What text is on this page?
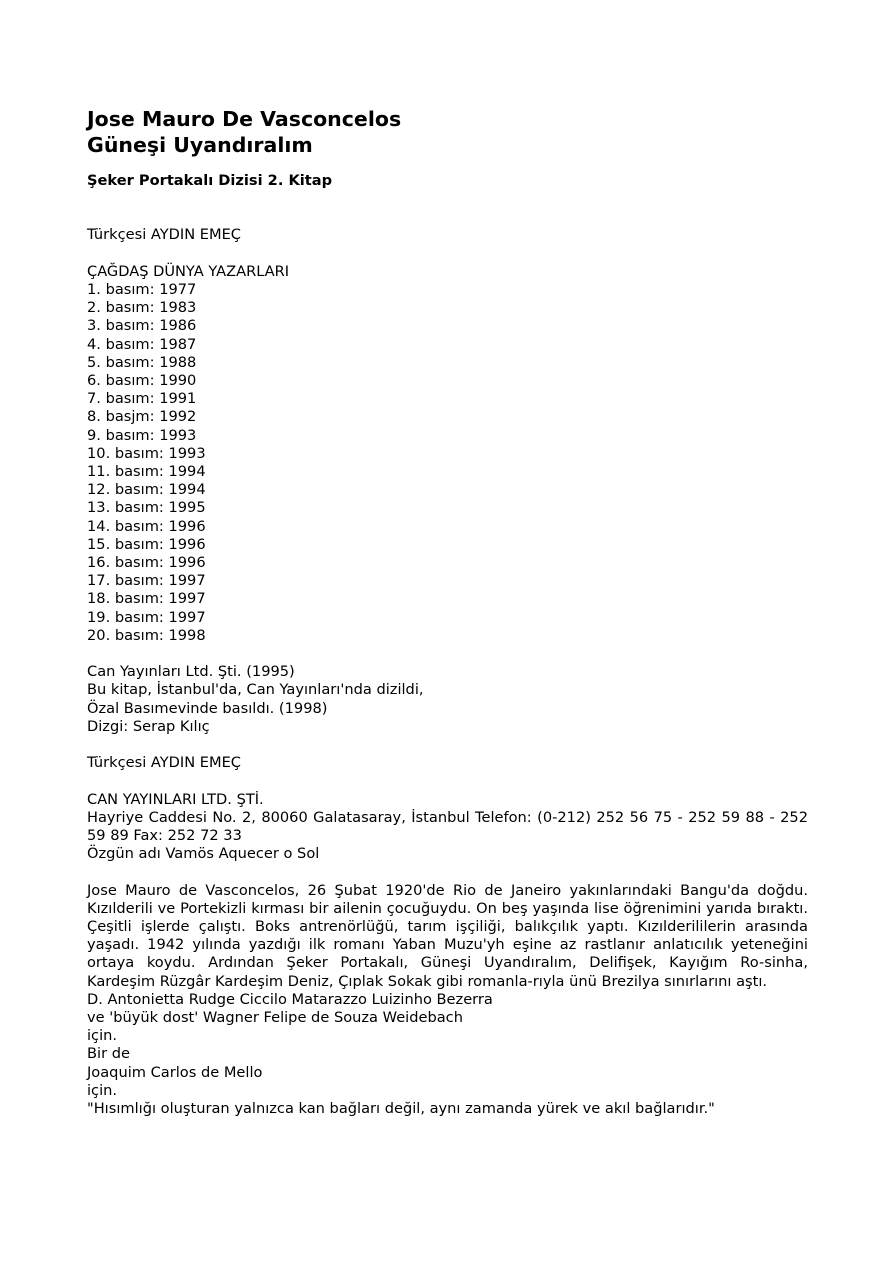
Jose Mauro De Vasconcelos
Güneşi Uyandıralım
Şeker Portakalı Dizisi 2. Kitap
Türkçesi AYDIN EMEÇ
ÇAĞDAŞ DÜNYA YAZARLARI
1. basım: 1977
2. basım: 1983
3. basım: 1986
4. basım: 1987
5. basım: 1988
6. basım: 1990
7. basım: 1991
8. basjm: 1992
9. basım: 1993
10. basım: 1993
11. basım: 1994
12. basım: 1994
13. basım: 1995
14. basım: 1996
15. basım: 1996
16. basım: 1996
17. basım: 1997
18. basım: 1997
19. basım: 1997
20. basım: 1998
Can Yayınları Ltd. Şti. (1995)
Bu kitap, İstanbul'da, Can Yayınları'nda dizildi,
Özal Basımevinde basıldı. (1998)
Dizgi: Serap Kılıç
Türkçesi AYDIN EMEÇ
CAN YAYINLARI LTD. ŞTİ.
Hayriye Caddesi No. 2, 80060 Galatasaray, İstanbul Telefon: (0-212) 252 56 75 - 252 59 88 - 252 59 89 Fax: 252 72 33
Özgün adı Vamös Aquecer o Sol
Jose Mauro de Vasconcelos, 26 Şubat 1920'de Rio de Janeiro yakınlarındaki Bangu'da doğdu. Kızılderili ve Portekizli kırması bir ailenin çocuğuydu. On beş yaşında lise öğrenimini yarıda bıraktı. Çeşitli işlerde çalıştı. Boks antrenörlüğü, tarım işçiliği, balıkçılık yaptı. Kızılderililerin arasında yaşadı. 1942 yılında yazdığı ilk romanı Yaban Muzu'yh eşine az rastlanır anlatıcılık yeteneğini ortaya koydu. Ardından Şeker Portakalı, Güneşi Uyandıralım, Delifişek, Kayığım Ro-sinha, Kardeşim Rüzgâr Kardeşim Deniz, Çıplak Sokak gibi romanla-rıyla ünü Brezilya sınırlarını aştı.
D. Antonietta Rudge Ciccilo Matarazzo Luizinho Bezerra
ve 'büyük dost' Wagner Felipe de Souza Weidebach
için.
Bir de
Joaquim Carlos de Mello
için.
"Hısımlığı oluşturan yalnızca kan bağları değil, aynı zamanda yürek ve akıl bağlarıdır."
